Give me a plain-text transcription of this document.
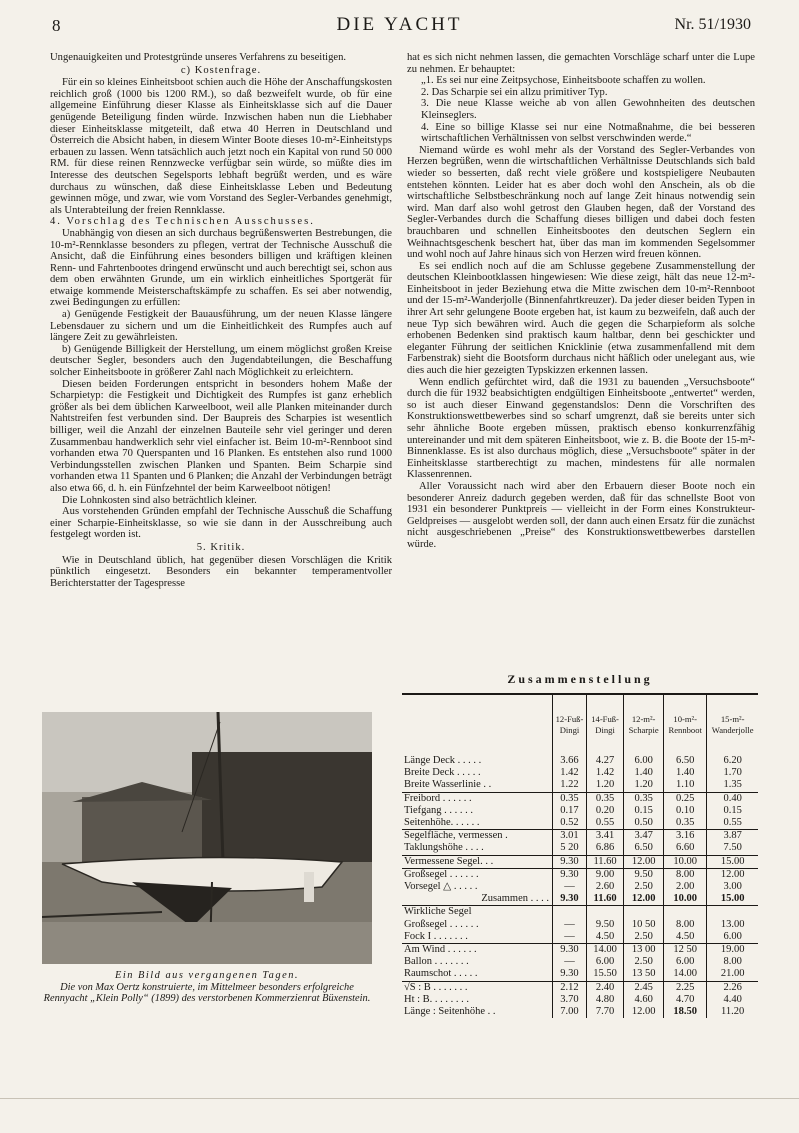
8	DIE YACHT	Nr. 51/1930

Ungenauigkeiten und Protestgründe unseres Verfahrens zu beseitigen.

c) Kostenfrage.

Für ein so kleines Einheitsboot schien auch die Höhe der Anschaffungskosten reichlich groß (1000 bis 1200 RM.), so daß bezweifelt wurde, ob für eine allgemeine Einführung dieser Klasse als Einheitsklasse sich auf die Dauer genügende Beteiligung finden würde. Inzwischen haben nun die Liebhaber dieser Einheitsklasse mitgeteilt, daß etwa 40 Herren in Deutschland und Österreich die Absicht haben, in diesem Winter Boote dieses 10-m²-Einheitstyps erbauen zu lassen. Wenn tatsächlich auch jetzt noch ein Kapital von rund 50 000 RM. für diese reinen Rennzwecke verfügbar sein würde, so müßte dies im Interesse des deutschen Segelsports lebhaft begrüßt werden, und es wäre durchaus zu wünschen, daß diese Einheitsklasse Leben und Bedeutung gewinnen möge, und zwar, wie vom Vorstand des Segler-Verbandes genehmigt, als Unterabteilung der freien Rennklasse.

4. Vorschlag des Technischen Ausschusses.

Unabhängig von diesen an sich durchaus begrüßenswerten Bestrebungen, die 10-m²-Rennklasse besonders zu pflegen, vertrat der Technische Ausschuß die Ansicht, daß die Einführung eines besonders billigen und kräftigen kleinen Renn- und Fahrtenbootes dringend erwünscht und auch berechtigt sei, schon aus dem oben erwähnten Grunde, um ein wirklich einheitliches Sportgerät für etwaige kommende Meisterschaftskämpfe zu schaffen. Es sei aber notwendig, zwei Bedingungen zu erfüllen:

a) Genügende Festigkeit der Bauausführung, um der neuen Klasse längere Lebensdauer zu sichern und um die Einheitlichkeit des Rumpfes auch auf längere Zeit zu gewährleisten.

b) Genügende Billigkeit der Herstellung, um einem möglichst großen Kreise deutscher Segler, besonders auch den Jugendabteilungen, die Beschaffung solcher Einheitsboote in größerer Zahl nach Möglichkeit zu erleichtern.

Diesen beiden Forderungen entspricht in besonders hohem Maße der Scharpietyp: die Festigkeit und Dichtigkeit des Rumpfes ist ganz erheblich größer als bei dem üblichen Karweelboot, weil alle Planken miteinander durch Nahtstreifen fest verbunden sind. Der Baupreis des Scharpies ist wesentlich billiger, weil die Anzahl der einzelnen Bauteile sehr viel geringer und deren Zusammenbau handwerklich sehr viel einfacher ist. Beim 10-m²-Rennboot sind vorhanden etwa 70 Querspanten und 16 Planken. Es entstehen also rund 1000 Verbindungsstellen zwischen Planken und Spanten. Beim Scharpie sind vorhanden etwa 11 Spanten und 6 Planken; die Anzahl der Verbindungen beträgt also etwa 66, d. h. ein Fünfzehntel der beim Karweelboot nötigen!

Die Lohnkosten sind also beträchtlich kleiner.

Aus vorstehenden Gründen empfahl der Technische Ausschuß die Schaffung einer Scharpie-Einheitsklasse, so wie sie dann in der Ausschreibung auch festgelegt worden ist.

5. Kritik.

Wie in Deutschland üblich, hat gegenüber diesen Vorschlägen die Kritik pünktlich eingesetzt. Besonders ein bekannter temperamentvoller Berichterstatter der Tagespresse

Ein Bild aus vergangenen Tagen.
Die von Max Oertz konstruierte, im Mittelmeer besonders erfolgreiche Rennyacht „Klein Polly“ (1899) des verstorbenen Kommerzienrat Büxenstein.

hat es sich nicht nehmen lassen, die gemachten Vorschläge scharf unter die Lupe zu nehmen. Er behauptet:

„1. Es sei nur eine Zeitpsychose, Einheitsboote schaffen zu wollen.

2. Das Scharpie sei ein allzu primitiver Typ.

3. Die neue Klasse weiche ab von allen Gewohnheiten des deutschen Kleinseglers.

4. Eine so billige Klasse sei nur eine Notmaßnahme, die bei besseren wirtschaftlichen Verhältnissen von selbst verschwinden werde.“

Niemand würde es wohl mehr als der Vorstand des Segler-Verbandes von Herzen begrüßen, wenn die wirtschaftlichen Verhältnisse Deutschlands sich bald wieder so besserten, daß recht viele größere und kostspieligere Neubauten entstehen könnten. Leider hat es aber doch wohl den Anschein, als ob die wirtschaftliche Selbstbeschränkung noch auf lange Zeit hinaus notwendig sein wird. Man darf also wohl getrost den Glauben hegen, daß der Vorstand des Segler-Verbandes durch die Schaffung dieses billigen und dabei doch festen brauchbaren und schnellen Einheitsbootes den deutschen Seglern ein Weihnachtsgeschenk beschert hat, über das man im kommenden Segelsommer und wohl noch auf Jahre hinaus sich von Herzen wird freuen können.

Es sei endlich noch auf die am Schlusse gegebene Zusammenstellung der deutschen Kleinbootklassen hingewiesen: Wie diese zeigt, hält das neue 12-m²-Einheitsboot in jeder Beziehung etwa die Mitte zwischen dem 10-m²-Rennboot und der 15-m²-Wanderjolle (Binnenfahrtkreuzer). Da jeder dieser beiden Typen in ihrer Art sehr gelungene Boote ergeben hat, ist kaum zu bezweifeln, daß auch der neue Typ sich bewähren wird. Auch die gegen die Scharpieform als solche erhobenen Bedenken sind praktisch kaum haltbar, denn bei geschickter und eleganter Führung der seitlichen Knicklinie (etwa zusammenfallend mit dem Farbenstrak) sieht die Bootsform durchaus nicht häßlich oder unelegant aus, wie dies auch die hier gezeigten Typskizzen erkennen lassen.

Wenn endlich gefürchtet wird, daß die 1931 zu bauenden „Versuchsboote“ durch die für 1932 beabsichtigten endgültigen Einheitsboote „entwertet“ werden, so ist auch dieser Einwand gegenstandslos: Denn die Vorschriften des Konstruktionswettbewerbes sind so scharf umgrenzt, daß sie bereits unter sich sehr ähnliche Boote ergeben müssen, praktisch ebenso konkurrenzfähig untereinander und mit dem späteren Einheitsboot, wie z. B. die Boote der 15-m²-Binnenklasse. Es ist also durchaus möglich, diese „Versuchsboote“ später in der Einheitsklasse startberechtigt zu machen, mindestens für alle normalen Klassenrennen.

Aller Voraussicht nach wird aber den Erbauern dieser Boote noch ein besonderer Anreiz dadurch gegeben werden, daß für das schnellste Boot von 1931 ein besonderer Punktpreis — vielleicht in der Form eines Konstrukteur-Geldpreises — ausgelobt werden soll, der dann auch einen Ersatz für die zunächst nicht ausgeschriebenen „Preise“ des Konstruktionswettbewerbes darstellen würde.

Zusammenstellung
	12-Fuß-Dingi	14-Fuß-Dingi	12-m²-Scharpie	10-m²-Rennboot	15-m²-Wanderjolle
Länge Deck . . . . .	3.66	4.27	6.00	6.50	6.20
Breite Deck . . . . .	1.42	1.42	1.40	1.40	1.70
Breite Wasserlinie . .	1.22	1.20	1.20	1.10	1.35
Freibord . . . . . .	0.35	0.35	0.35	0.25	0.40
Tiefgang . . . . . .	0.17	0.20	0.15	0.10	0.15
Seitenhöhe. . . . . .	0.52	0.55	0.50	0.35	0.55
Segelfläche, vermessen .	3.01	3.41	3.47	3.16	3.87
Taklungshöhe . . . .	5 20	6.86	6.50	6.60	7.50
Vermessene Segel. . .	9.30	11.60	12.00	10.00	15.00
Großsegel . . . . . .	9.30	9.00	9.50	8.00	12.00
Vorsegel △ . . . . .	—	2.60	2.50	2.00	3.00
Zusammen . . . .	9.30	11.60	12.00	10.00	15.00
Wirkliche Segel					
Großsegel . . . . . .	—	9.50	10 50	8.00	13.00
Fock I . . . . . . .	—	4.50	2.50	4.50	6.00
Am Wind . . . . . .	9.30	14.00	13 00	12 50	19.00
Ballon . . . . . . .	—	6.00	2.50	6.00	8.00
Raumschot . . . . .	9.30	15.50	13 50	14.00	21.00
√S : B . . . . . . .	2.12	2.40	2.45	2.25	2.26
Ht : B. . . . . . . .	3.70	4.80	4.60	4.70	4.40
Länge : Seitenhöhe . .	7.00	7.70	12.00	18.50	11.20
